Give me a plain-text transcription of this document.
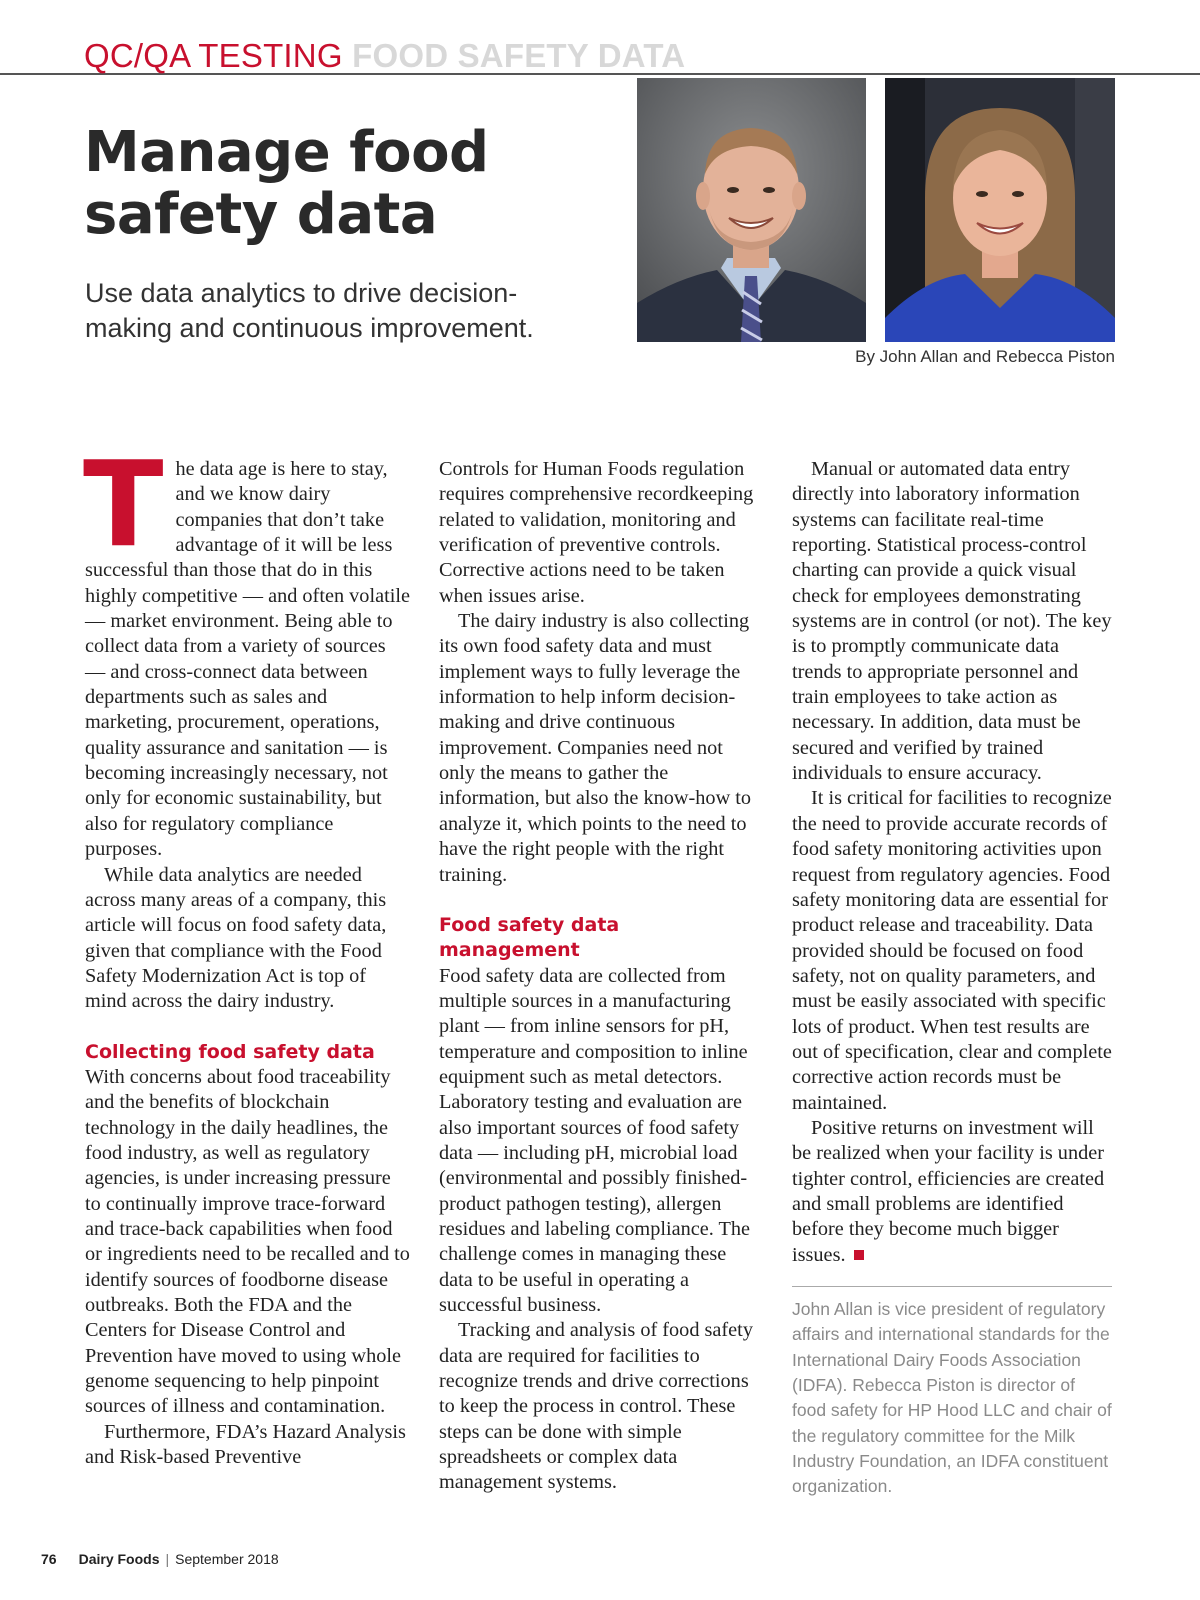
QC/QA TESTING FOOD SAFETY DATA
Manage food safety data
Use data analytics to drive decision-making and continuous improvement.
By John Allan and Rebecca Piston

The data age is here to stay, and we know dairy companies that don’t take advantage of it will be less successful than those that do in this highly competitive — and often volatile — market environment. Being able to collect data from a variety of sources — and cross-connect data between departments such as sales and marketing, procurement, operations, quality assurance and sanitation — is becoming increasingly necessary, not only for economic sustainability, but also for regulatory compliance purposes.

While data analytics are needed across many areas of a company, this article will focus on food safety data, given that compliance with the Food Safety Modernization Act is top of mind across the dairy industry.

Collecting food safety data

With concerns about food traceability and the benefits of blockchain technology in the daily headlines, the food industry, as well as regulatory agencies, is under increasing pressure to continually improve trace-forward and trace-back capabilities when food or ingredients need to be recalled and to identify sources of foodborne disease outbreaks. Both the FDA and the Centers for Disease Control and Prevention have moved to using whole genome sequencing to help pinpoint sources of illness and contamination.

Furthermore, FDA’s Hazard Analysis and Risk-based Preventive

Controls for Human Foods regulation requires comprehensive recordkeeping related to validation, monitoring and verification of preventive controls. Corrective actions need to be taken when issues arise.

The dairy industry is also collecting its own food safety data and must implement ways to fully leverage the information to help inform decision-making and drive continuous improvement. Companies need not only the means to gather the information, but also the know-how to analyze it, which points to the need to have the right people with the right training.

Food safety data management

Food safety data are collected from multiple sources in a manufacturing plant — from inline sensors for pH, temperature and composition to inline equipment such as metal detectors. Laboratory testing and evaluation are also important sources of food safety data — including pH, microbial load (environmental and possibly finished-product pathogen testing), allergen residues and labeling compliance. The challenge comes in managing these data to be useful in operating a successful business.

Tracking and analysis of food safety data are required for facilities to recognize trends and drive corrections to keep the process in control. These steps can be done with simple spreadsheets or complex data management systems.

Manual or automated data entry directly into laboratory information systems can facilitate real-time reporting. Statistical process-control charting can provide a quick visual check for employees demonstrating systems are in control (or not). The key is to promptly communicate data trends to appropriate personnel and train employees to take action as necessary. In addition, data must be secured and verified by trained individuals to ensure accuracy.

It is critical for facilities to recognize the need to provide accurate records of food safety monitoring activities upon request from regulatory agencies. Food safety monitoring data are essential for product release and traceability. Data provided should be focused on food safety, not on quality parameters, and must be easily associated with specific lots of product. When test results are out of specification, clear and complete corrective action records must be maintained.

Positive returns on investment will be realized when your facility is under tighter control, efficiencies are created and small problems are identified before they become much bigger issues.

John Allan is vice president of regulatory affairs and international standards for the International Dairy Foods Association (IDFA). Rebecca Piston is director of food safety for HP Hood LLC and chair of the regulatory committee for the Milk Industry Foundation, an IDFA constituent organization.

76 Dairy Foods | September 2018
